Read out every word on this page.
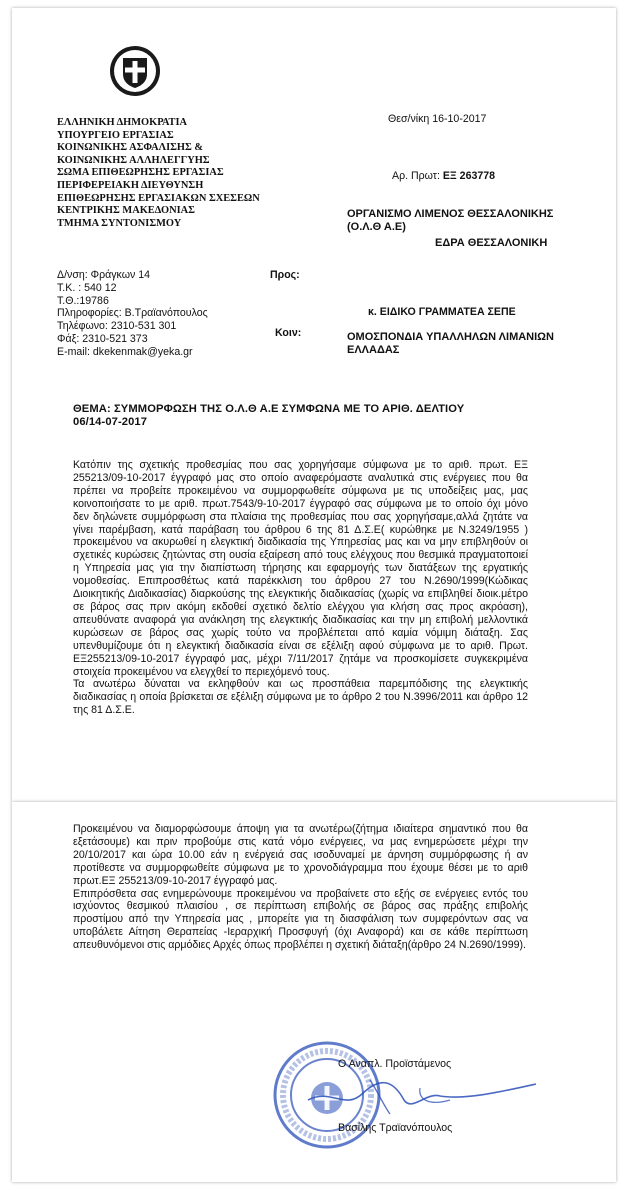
ΕΛΛΗΝΙΚΗ ΔΗΜΟΚΡΑΤΙΑ
ΥΠΟΥΡΓΕΙΟ ΕΡΓΑΣΙΑΣ
ΚΟΙΝΩΝΙΚΗΣ ΑΣΦΑΛΙΣΗΣ &
ΚΟΙΝΩΝΙΚΗΣ ΑΛΛΗΛΕΓΓΥΗΣ
ΣΩΜΑ ΕΠΙΘΕΩΡΗΣΗΣ ΕΡΓΑΣΙΑΣ
ΠΕΡΙΦΕΡΕΙΑΚΗ ΔΙΕΥΘΥΝΣΗ
ΕΠΙΘΕΩΡΗΣΗΣ ΕΡΓΑΣΙΑΚΩΝ ΣΧΕΣΕΩΝ
ΚΕΝΤΡΙΚΗΣ ΜΑΚΕΔΟΝΙΑΣ
ΤΜΗΜΑ ΣΥΝΤΟΝΙΣΜΟΥ
Θεσ/νίκη 16-10-2017
Αρ. Πρωτ: ΕΞ 263778
ΟΡΓΑΝΙΣΜΟ ΛΙΜΕΝΟΣ ΘΕΣΣΑΛΟΝΙΚΗΣ
(Ο.Λ.Θ Α.Ε)
ΕΔΡΑ ΘΕΣΣΑΛΟΝΙΚΗ
Δ/νση: Φράγκων 14
Τ.Κ. : 540 12
Τ.Θ.:19786
Πληροφορίες: Β.Τραϊανόπουλος
Τηλέφωνο: 2310-531 301
Φάξ: 2310-521 373
E-mail: dkekenmak@yeka.gr
Προς:
Κοιν:
κ. ΕΙΔΙΚΟ ΓΡΑΜΜΑΤΕΑ ΣΕΠΕ
ΟΜΟΣΠΟΝΔΙΑ ΥΠΑΛΛΗΛΩΝ ΛΙΜΑΝΙΩΝ
ΕΛΛΑΔΑΣ
ΘΕΜΑ: ΣΥΜΜΟΡΦΩΣΗ ΤΗΣ Ο.Λ.Θ Α.Ε ΣΥΜΦΩΝΑ ΜΕ ΤΟ ΑΡΙΘ. ΔΕΛΤΙΟΥ
06/14-07-2017

Κατόπιν της σχετικής προθεσμίας που σας χορηγήσαμε σύμφωνα με το αριθ. πρωτ. ΕΞ 255213/09-10-2017 έγγραφό μας στο οποίο αναφερόμαστε αναλυτικά στις ενέργειες που θα πρέπει να προβείτε προκειμένου να συμμορφωθείτε σύμφωνα με τις υποδείξεις μας, μας κοινοποιήσατε το με αριθ. πρωτ.7543/9-10-2017 έγγραφό σας σύμφωνα με το οποίο όχι μόνο δεν δηλώνετε συμμόρφωση στα πλαίσια της προθεσμίας που σας χορηγήσαμε,αλλά ζητάτε να γίνει παρέμβαση, κατά παράβαση του άρθρου 6 της 81 Δ.Σ.Ε( κυρώθηκε με Ν.3249/1955 ) προκειμένου να ακυρωθεί η ελεγκτική διαδικασία της Υπηρεσίας μας και να μην επιβληθούν οι σχετικές κυρώσεις ζητώντας στη ουσία εξαίρεση από τους ελέγχους που θεσμικά πραγματοποιεί η Υπηρεσία μας για την διαπίστωση τήρησης και εφαρμογής των διατάξεων της εργατικής νομοθεσίας. Επιπροσθέτως κατά παρέκκλιση του άρθρου 27 του Ν.2690/1999(Κώδικας Διοικητικής Διαδικασίας) διαρκούσης της ελεγκτικής διαδικασίας (χωρίς να επιβληθεί διοικ.μέτρο σε βάρος σας πριν ακόμη εκδοθεί σχετικό δελτίο ελέγχου για κλήση σας προς ακρόαση), απευθύνατε αναφορά για ανάκληση της ελεγκτικής διαδικασίας και την μη επιβολή μελλοντικά κυρώσεων σε βάρος σας χωρίς τούτο να προβλέπεται από καμία νόμιμη διάταξη. Σας υπενθυμίζουμε ότι η ελεγκτική διαδικασία είναι σε εξέλιξη αφού σύμφωνα με το αριθ. Πρωτ. ΕΞ255213/09-10-2017 έγγραφό μας, μέχρι 7/11/2017 ζητάμε να προσκομίσετε συγκεκριμένα στοιχεία προκειμένου να ελεγχθεί το περιεχόμενό τους.

Τα ανωτέρω δύναται να εκληφθούν και ως προσπάθεια παρεμπόδισης της ελεγκτικής διαδικασίας η οποία βρίσκεται σε εξέλιξη σύμφωνα με το άρθρο 2 του Ν.3996/2011 και άρθρο 12 της 81 Δ.Σ.Ε.

Προκειμένου να διαμορφώσουμε άποψη για τα ανωτέρω(ζήτημα ιδιαίτερα σημαντικό που θα εξετάσουμε) και πριν προβούμε στις κατά νόμο ενέργειες, να μας ενημερώσετε μέχρι την 20/10/2017 και ώρα 10.00 εάν η ενέργειά σας ισοδυναμεί με άρνηση συμμόρφωσης ή αν προτίθεστε να συμμορφωθείτε σύμφωνα με το χρονοδιάγραμμα που έχουμε θέσει με το αριθ πρωτ.ΕΞ 255213/09-10-2017 έγγραφό μας.

Επιπρόσθετα σας ενημερώνουμε προκειμένου να προβαίνετε στο εξής σε ενέργειες εντός του ισχύοντος θεσμικού πλαισίου , σε περίπτωση επιβολής σε βάρος σας πράξης επιβολής προστίμου από την Υπηρεσία μας , μπορείτε για τη διασφάλιση των συμφερόντων σας να υποβάλετε Αίτηση Θεραπείας -Ιεραρχική Προσφυγή (όχι Αναφορά) και σε κάθε περίπτωση απευθυνόμενοι στις αρμόδιες Αρχές όπως προβλέπει η σχετική διάταξη(άρθρο 24 Ν.2690/1999).

Ο Αναπλ. Προϊστάμενος
Βασίλης Τραϊανόπουλος
